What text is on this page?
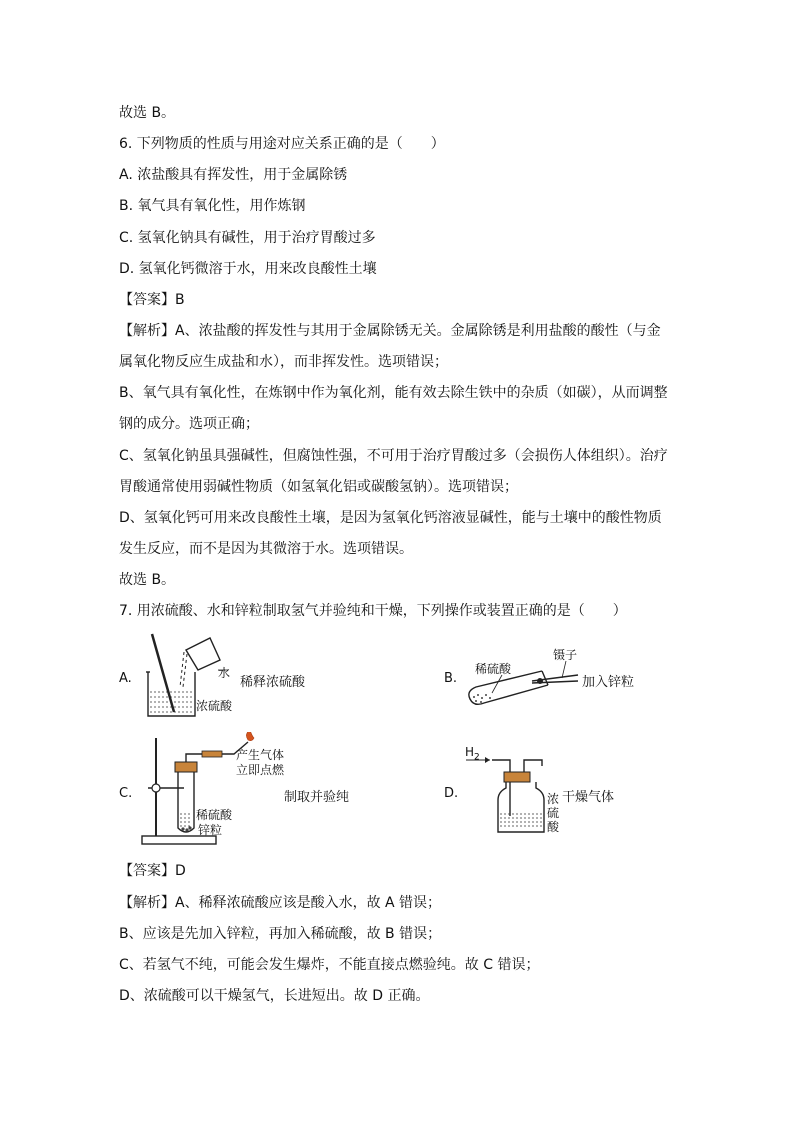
故选 B。
6. 下列物质的性质与用途对应关系正确的是（　　）
A. 浓盐酸具有挥发性，用于金属除锈
B. 氧气具有氧化性，用作炼钢
C. 氢氧化钠具有碱性，用于治疗胃酸过多
D. 氢氧化钙微溶于水，用来改良酸性土壤
【答案】B
【解析】A、浓盐酸的挥发性与其用于金属除锈无关。金属除锈是利用盐酸的酸性（与金
属氧化物反应生成盐和水），而非挥发性。选项错误；
B、氧气具有氧化性，在炼钢中作为氧化剂，能有效去除生铁中的杂质（如碳），从而调整
钢的成分。选项正确；
C、氢氧化钠虽具强碱性，但腐蚀性强，不可用于治疗胃酸过多（会损伤人体组织）。治疗
胃酸通常使用弱碱性物质（如氢氧化铝或碳酸氢钠）。选项错误；
D、氢氧化钙可用来改良酸性土壤，是因为氢氧化钙溶液显碱性，能与土壤中的酸性物质
发生反应，而不是因为其微溶于水。选项错误。
故选 B。
7. 用浓硫酸、水和锌粒制取氢气并验纯和干燥，下列操作或装置正确的是（　　）
A.	水
稀释浓硫酸
浓硫酸
B.
稀硫酸
镊子
加入锌粒
C.
产生气体
立即点燃
制取并验纯
稀硫酸
锌粒
D.
$H_2$
浓
硫
酸
干燥气体
【答案】D
【解析】A、稀释浓硫酸应该是酸入水，故 A 错误；
B、应该是先加入锌粒，再加入稀硫酸，故 B 错误；
C、若氢气不纯，可能会发生爆炸，不能直接点燃验纯。故 C 错误；
D、浓硫酸可以干燥氢气，长进短出。故 D 正确。
